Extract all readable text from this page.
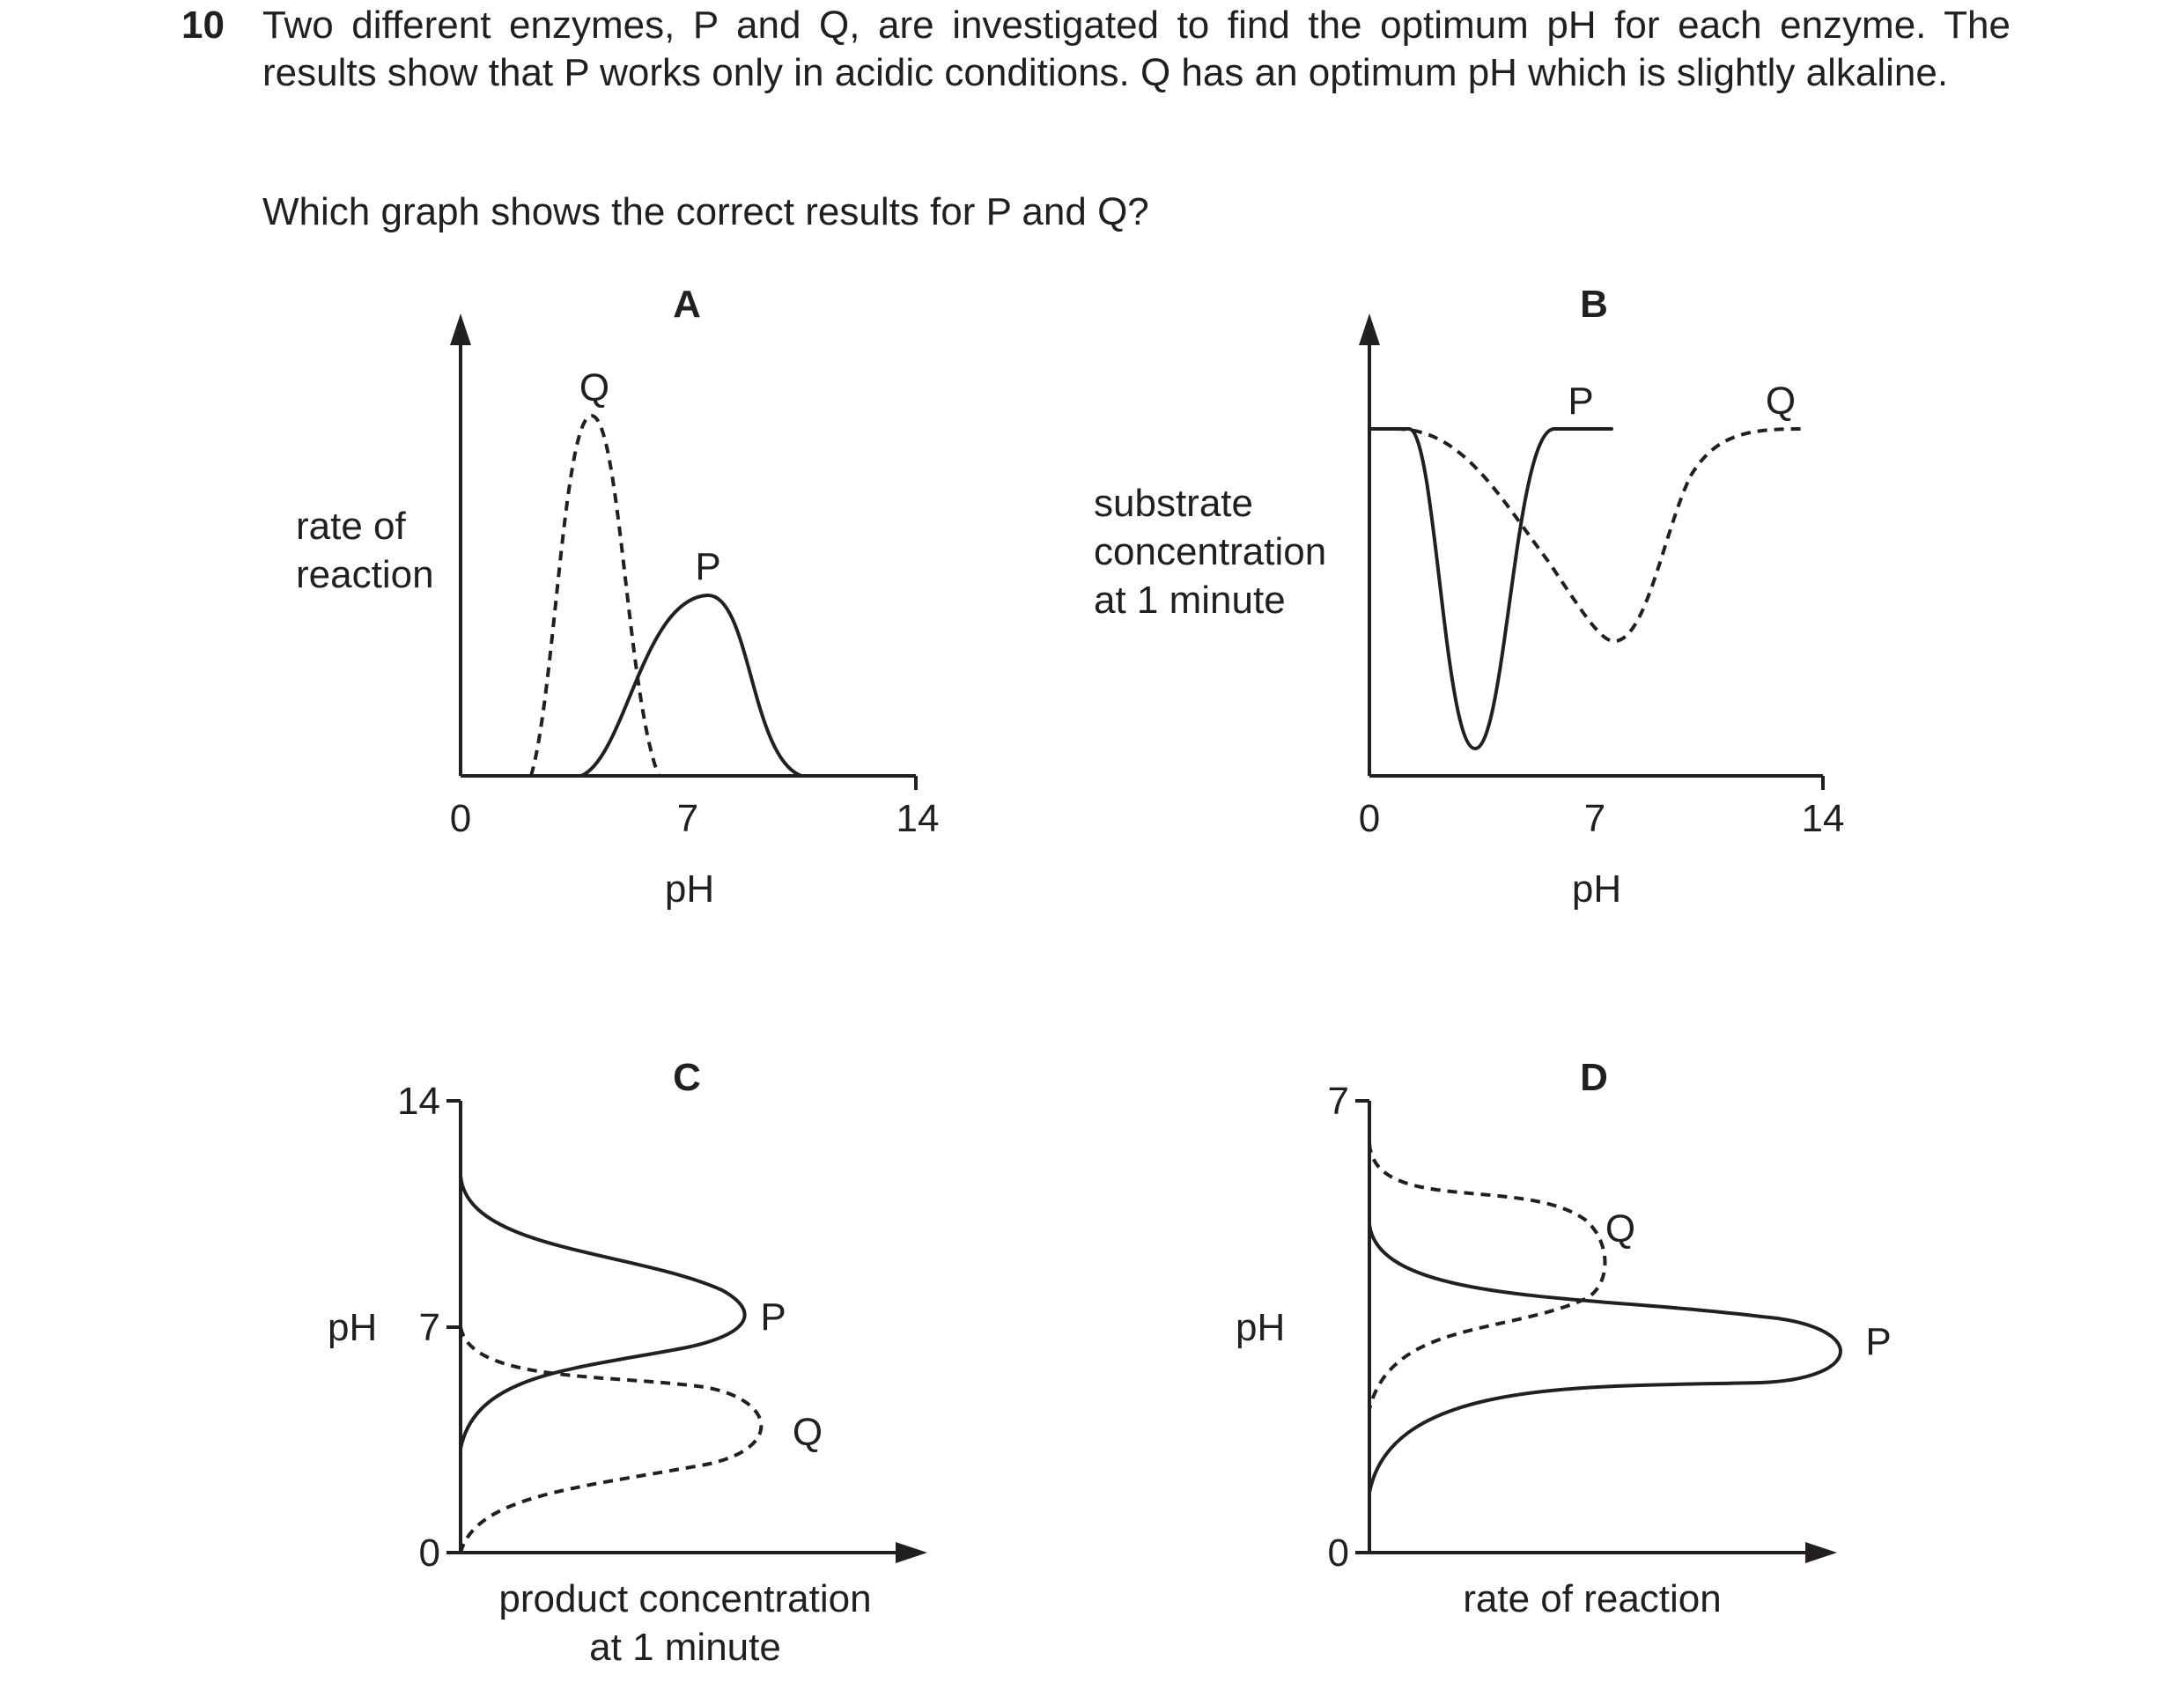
10 Two different enzymes, P and Q, are investigated to find the optimum pH for each enzyme. The results show that P works only in acidic conditions. Q has an optimum pH which is slightly alkaline.

Which graph shows the correct results for P and Q?

A
0	7	14
pH
rate of
reaction
Q
P
B
0	7	14
pH
substrate
concentration
at 1 minute
P	Q
C
14
7
0
pH
product concentration
at 1 minute
P
Q
D
7
0
pH
rate of reaction
Q
P
